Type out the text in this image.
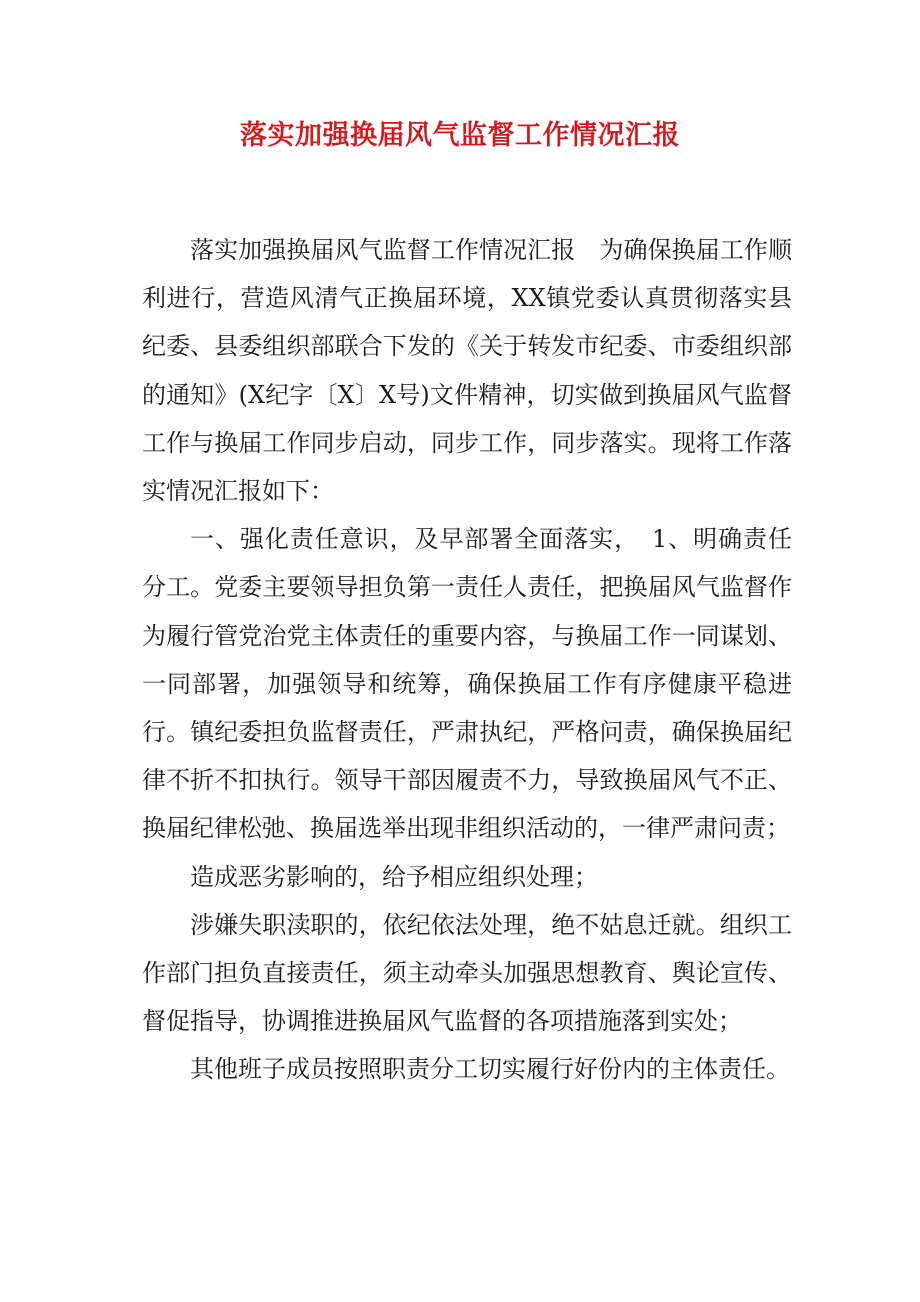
落实加强换届风气监督工作情况汇报

落实加强换届风气监督工作情况汇报　为确保换届工作顺利进行，营造风清气正换届环境，XX镇党委认真贯彻落实县纪委、县委组织部联合下发的《关于转发市纪委、市委组织部的通知》(X纪字〔X〕X号)文件精神，切实做到换届风气监督工作与换届工作同步启动，同步工作，同步落实。现将工作落实情况汇报如下：

一、强化责任意识，及早部署全面落实，　1、明确责任分工。党委主要领导担负第一责任人责任，把换届风气监督作为履行管党治党主体责任的重要内容，与换届工作一同谋划、一同部署，加强领导和统筹，确保换届工作有序健康平稳进行。镇纪委担负监督责任，严肃执纪，严格问责，确保换届纪律不折不扣执行。领导干部因履责不力，导致换届风气不正、换届纪律松弛、换届选举出现非组织活动的，一律严肃问责；

造成恶劣影响的，给予相应组织处理；

涉嫌失职渎职的，依纪依法处理，绝不姑息迁就。组织工作部门担负直接责任，须主动牵头加强思想教育、舆论宣传、督促指导，协调推进换届风气监督的各项措施落到实处；

其他班子成员按照职责分工切实履行好份内的主体责任。
